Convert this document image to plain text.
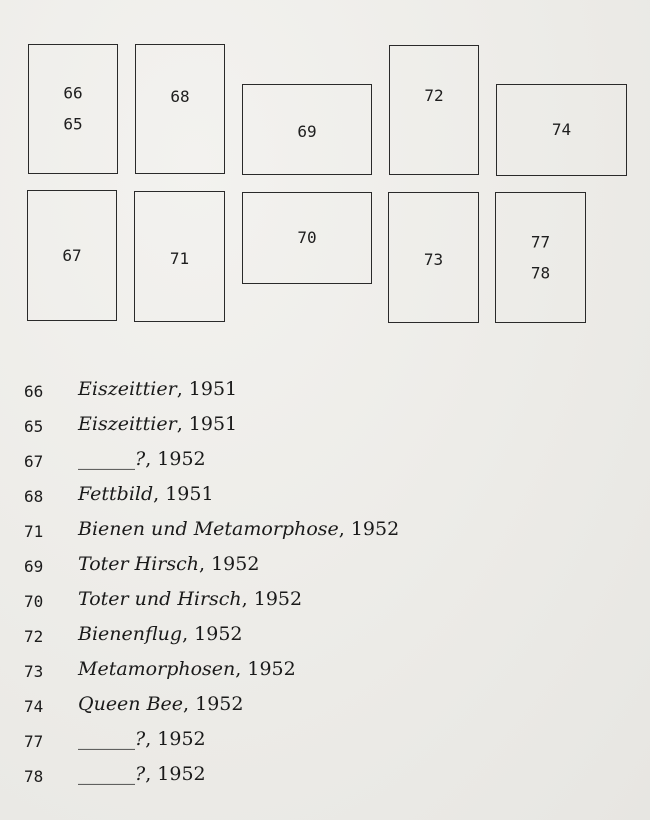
66
65
68
69
72
74
67	71
70
73
77
78
66 Eiszeittier, 1951
65 Eiszeittier, 1951
67 ______?, 1952
68 Fettbild, 1951
71 Bienen und Metamorphose, 1952
69 Toter Hirsch, 1952
70 Toter und Hirsch, 1952
72 Bienenflug, 1952
73 Metamorphosen, 1952
74 Queen Bee, 1952
77 ______?, 1952
78 ______?, 1952
